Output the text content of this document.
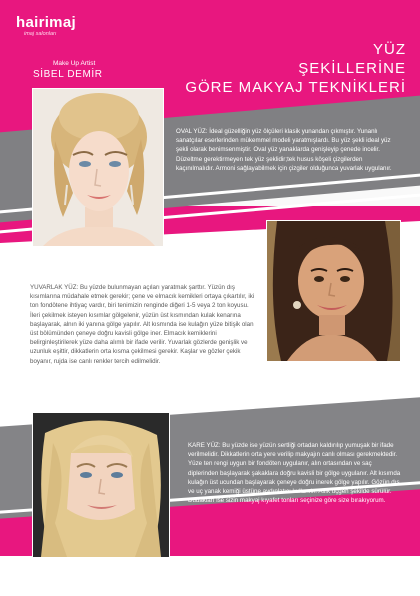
hairimaj
imaj salonları
Make Up Artist
SİBEL DEMİR
YÜZ
ŞEKİLLERİNE
GÖRE MAKYAJ TEKNİKLERİ
OVAL YÜZ: İdeal güzelliğin yüz ölçüleri klasik yunandan çıkmıştır. Yunanlı sanatçılar eserlerinden mükemmel modeli yaratmışlardı. Bu yüz şekli ideal yüz şekli olarak benimsenmiştir. Oval yüz yanaklarda genişleyip çenede incelir. Düzeltme gerektirmeyen tek yüz şeklidir;tek husus köşeli çizgilerden kaçınılmalıdır. Armoni sağlayabilmek için çizgiler olduğunca yuvarlak uygulanır.
YUVARLAK YÜZ: Bu yüzde bulunmayan açıları yaratmak şarttır. Yüzün dış kısımlarına müdahale etmek gerekir; çene ve elmacık kemikleri ortaya çıkartılır, iki ton fondötene ihtiyaç vardır, biri tenimizin renginde diğeri 1-5 veya 2 ton koyusu. İleri çekilmek isteyen kısımlar gölgelenir, yüzün üst kısmından kulak kenarına başlayarak, alnın iki yanına gölge yapılır. Alt kısmında ise kulağın yüze bitişik olan üst bölümünden çeneye doğru kavisli gölge iner. Elmacık kemiklerini belirginleştirilerek yüze daha alımlı bir ifade verilir. Yuvarlak gözlerde genişlik ve uzunluk eşittir, dikkatlerin orta kısma çekilmesi gerekir. Kaşlar ve gözler çekik boyanır, rujda ise canlı renkler tercih edilmelidir.
KARE YÜZ: Bu yüzde ise yüzün sertliği ortadan kaldırılıp yumuşak bir ifade verilmelidir. Dikkatlerin orta yere verilip makyajın canlı olması gerekmektedir. Yüze ten rengi uygun bir fondöten uygulanır, alın ortasından ve saç diplerinden başlayarak şakaklara doğru kavisli bir gölge uygulanır. Alt kısımda kulağın üst ucundan başlayarak çeneye doğru inerek gölge yapılır. Gözün dış ve uç yanak kemiği üstüne aydınlatıcı kullanılır. Allık üçgen şekilde sürülür. Dudakları ise sizin makyaj kıyafet tonları seçinize göre size bırakıyorum.
